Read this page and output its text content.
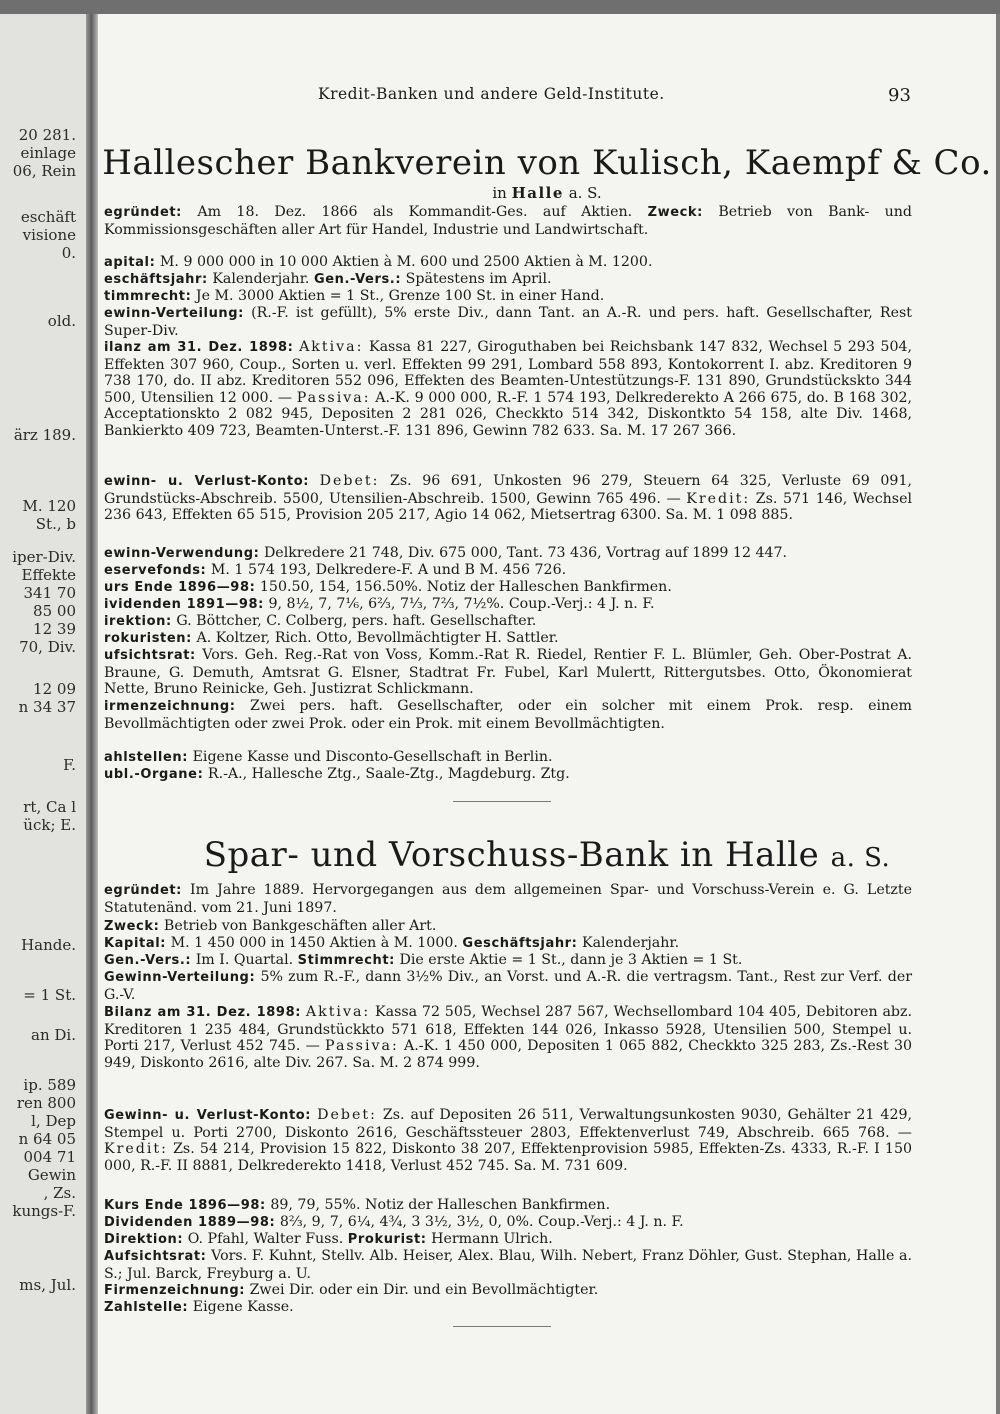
20 281.
einlage
06, Rein
eschäft
visione
0.
old.
ärz 189.
M. 120
St., b
iper-Div.
Effekte
341 70
85 00
12 39
70, Div.
12 09
n 34 37
F.
rt, Ca l
ück; E.
Hande.
= 1 St.
an Di.
ip. 589
ren 800
l, Dep
n 64 05
004 71
Gewin
, Zs.
kungs-F.
ms, Jul.
Kredit-Banken und andere Geld-Institute.	93
Hallescher Bankverein von Kulisch, Kaempf & Co.
in Halle a. S.
egründet: Am 18. Dez. 1866 als Kommandit-Ges. auf Aktien. Zweck: Betrieb von Bank- und Kommissionsgeschäften aller Art für Handel, Industrie und Landwirtschaft.
apital: M. 9 000 000 in 10 000 Aktien à M. 600 und 2500 Aktien à M. 1200.
eschäftsjahr: Kalenderjahr. Gen.-Vers.: Spätestens im April.
timmrecht: Je M. 3000 Aktien = 1 St., Grenze 100 St. in einer Hand.
ewinn-Verteilung: (R.-F. ist gefüllt), 5% erste Div., dann Tant. an A.-R. und pers. haft. Gesellschafter, Rest Super-Div.
ilanz am 31. Dez. 1898: Aktiva: Kassa 81 227, Giroguthaben bei Reichsbank 147 832, Wechsel 5 293 504, Effekten 307 960, Coup., Sorten u. verl. Effekten 99 291, Lombard 558 893, Kontokorrent I. abz. Kreditoren 9 738 170, do. II abz. Kreditoren 552 096, Effekten des Beamten-Untestützungs-F. 131 890, Grundstückskto 344 500, Utensilien 12 000. — Passiva: A.-K. 9 000 000, R.-F. 1 574 193, Delkrederekto A 266 675, do. B 168 302, Acceptationskto 2 082 945, Depositen 2 281 026, Checkkto 514 342, Diskontkto 54 158, alte Div. 1468, Bankierkto 409 723, Beamten-Unterst.-F. 131 896, Gewinn 782 633. Sa. M. 17 267 366.
ewinn- u. Verlust-Konto: Debet: Zs. 96 691, Unkosten 96 279, Steuern 64 325, Verluste 69 091, Grundstücks-Abschreib. 5500, Utensilien-Abschreib. 1500, Gewinn 765 496. — Kredit: Zs. 571 146, Wechsel 236 643, Effekten 65 515, Provision 205 217, Agio 14 062, Mietsertrag 6300. Sa. M. 1 098 885.
ewinn-Verwendung: Delkredere 21 748, Div. 675 000, Tant. 73 436, Vortrag auf 1899 12 447.
eservefonds: M. 1 574 193, Delkredere-F. A und B M. 456 726.
urs Ende 1896—98: 150.50, 154, 156.50%. Notiz der Halleschen Bankfirmen.
ividenden 1891—98: 9, 8½, 7, 7⅙, 6⅔, 7⅓, 7⅔, 7½%. Coup.-Verj.: 4 J. n. F.
irektion: G. Böttcher, C. Colberg, pers. haft. Gesellschafter.
rokuristen: A. Koltzer, Rich. Otto, Bevollmächtigter H. Sattler.
ufsichtsrat: Vors. Geh. Reg.-Rat von Voss, Komm.-Rat R. Riedel, Rentier F. L. Blümler, Geh. Ober-Postrat A. Braune, G. Demuth, Amtsrat G. Elsner, Stadtrat Fr. Fubel, Karl Mulertt, Rittergutsbes. Otto, Ökonomierat Nette, Bruno Reinicke, Geh. Justizrat Schlickmann.
irmenzeichnung: Zwei pers. haft. Gesellschafter, oder ein solcher mit einem Prok. resp. einem Bevollmächtigten oder zwei Prok. oder ein Prok. mit einem Bevollmächtigten.
ahlstellen: Eigene Kasse und Disconto-Gesellschaft in Berlin.
ubl.-Organe: R.-A., Hallesche Ztg., Saale-Ztg., Magdeburg. Ztg.
Spar- und Vorschuss-Bank in Halle a. S.
egründet: Im Jahre 1889. Hervorgegangen aus dem allgemeinen Spar- und Vorschuss-Verein e. G. Letzte Statutenänd. vom 21. Juni 1897.
Zweck: Betrieb von Bankgeschäften aller Art.
Kapital: M. 1 450 000 in 1450 Aktien à M. 1000. Geschäftsjahr: Kalenderjahr.
Gen.-Vers.: Im I. Quartal. Stimmrecht: Die erste Aktie = 1 St., dann je 3 Aktien = 1 St.
Gewinn-Verteilung: 5% zum R.-F., dann 3½% Div., an Vorst. und A.-R. die vertragsm. Tant., Rest zur Verf. der G.-V.
Bilanz am 31. Dez. 1898: Aktiva: Kassa 72 505, Wechsel 287 567, Wechsellombard 104 405, Debitoren abz. Kreditoren 1 235 484, Grundstückkto 571 618, Effekten 144 026, Inkasso 5928, Utensilien 500, Stempel u. Porti 217, Verlust 452 745. — Passiva: A.-K. 1 450 000, Depositen 1 065 882, Checkkto 325 283, Zs.-Rest 30 949, Diskonto 2616, alte Div. 267. Sa. M. 2 874 999.
Gewinn- u. Verlust-Konto: Debet: Zs. auf Depositen 26 511, Verwaltungsunkosten 9030, Gehälter 21 429, Stempel u. Porti 2700, Diskonto 2616, Geschäftssteuer 2803, Effektenverlust 749, Abschreib. 665 768. — Kredit: Zs. 54 214, Provision 15 822, Diskonto 38 207, Effektenprovision 5985, Effekten-Zs. 4333, R.-F. I 150 000, R.-F. II 8881, Delkrederekto 1418, Verlust 452 745. Sa. M. 731 609.
Kurs Ende 1896—98: 89, 79, 55%. Notiz der Halleschen Bankfirmen.
Dividenden 1889—98: 8⅔, 9, 7, 6¼, 4¾, 3 3½, 3½, 0, 0%. Coup.-Verj.: 4 J. n. F.
Direktion: O. Pfahl, Walter Fuss. Prokurist: Hermann Ulrich.
Aufsichtsrat: Vors. F. Kuhnt, Stellv. Alb. Heiser, Alex. Blau, Wilh. Nebert, Franz Döhler, Gust. Stephan, Halle a. S.; Jul. Barck, Freyburg a. U.
Firmenzeichnung: Zwei Dir. oder ein Dir. und ein Bevollmächtigter.
Zahlstelle: Eigene Kasse.
